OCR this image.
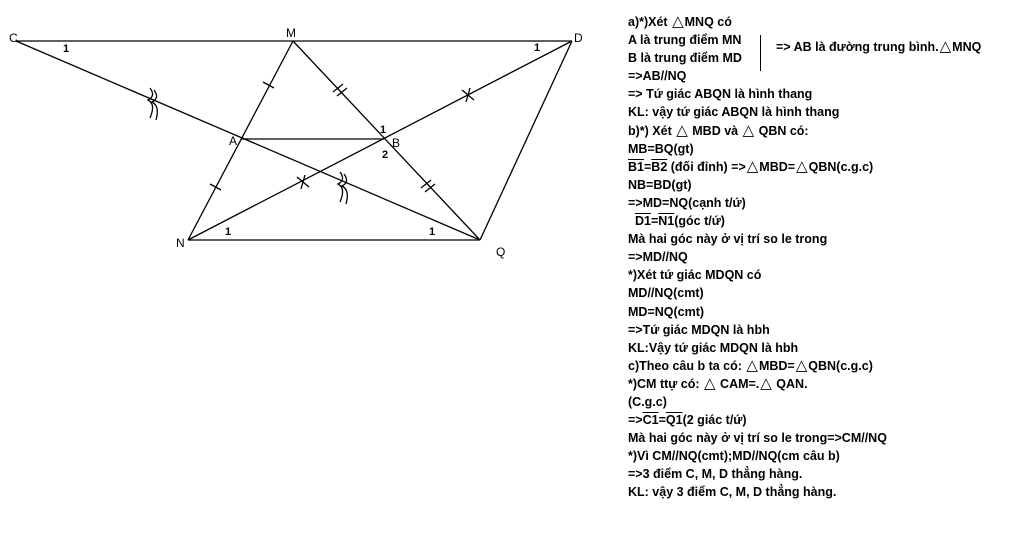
C	M	D
A	B
N
Q
1	1
1
2
1	1
=> AB là đường trung bình.△MNQ
a)*)Xét △MNQ có
A là trung điểm MN
B là trung điểm MD
=>AB//NQ
=> Tứ giác ABQN là hình thang
KL: vậy tứ giác ABQN là hình thang
b)*) Xét △ MBD và △ QBN có:
MB=BQ(gt)
B1=B2 (đối đỉnh) =>△MBD=△QBN(c.g.c)
NB=BD(gt)
=>MD=NQ(cạnh t/ứ)
D1=N1(góc t/ứ)
Mà hai góc này ở vị trí so le trong
=>MD//NQ
*)Xét tứ giác MDQN có
MD//NQ(cmt)
MD=NQ(cmt)
=>Tứ giác MDQN là hbh
KL:Vậy tứ giác MDQN là hbh
c)Theo câu b ta có: △MBD=△QBN(c.g.c)
*)CM ttự có: △ CAM=.△ QAN.
(C.g.c)
=>C1=Q1(2 giác t/ứ)
Mà hai góc này ở vị trí so le trong=>CM//NQ
*)Vì CM//NQ(cmt);MD//NQ(cm câu b)
=>3 điểm C, M, D thẳng hàng.
KL: vậy 3 điểm C, M, D thẳng hàng.
